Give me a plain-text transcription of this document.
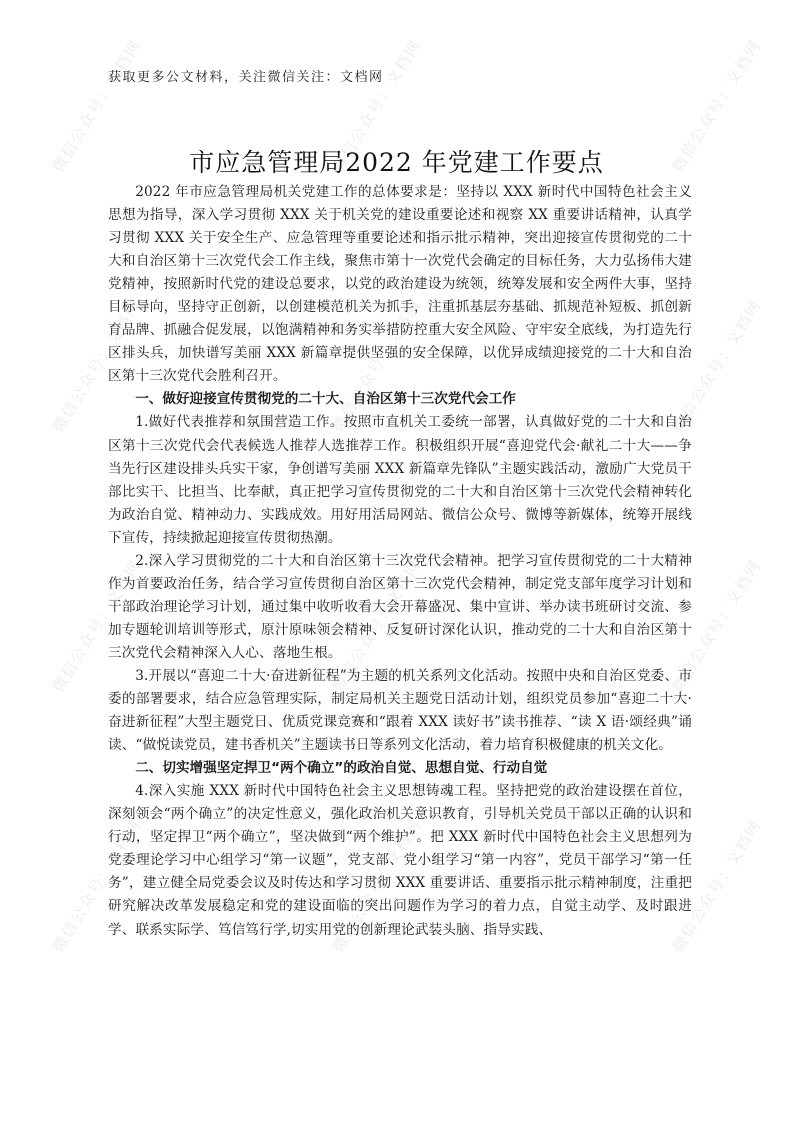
微信公众号：文档网	微信公众号：文档网	微信公众号：文档网
微信公众号：文档网	微信公众号：文档网	微信公众号：文档网
微信公众号：文档网	微信公众号：文档网	微信公众号：文档网
微信公众号：文档网	微信公众号：文档网	微信公众号：文档网
获取更多公文材料，关注微信关注：文档网
市应急管理局2022 年党建工作要点

2022 年市应急管理局机关党建工作的总体要求是：坚持以 XXX 新时代中国特色社会主义思想为指导，深入学习贯彻 XXX 关于机关党的建设重要论述和视察 XX 重要讲话精神，认真学习贯彻 XXX 关于安全生产、应急管理等重要论述和指示批示精神，突出迎接宣传贯彻党的二十大和自治区第十三次党代会工作主线，聚焦市第十一次党代会确定的目标任务，大力弘扬伟大建党精神，按照新时代党的建设总要求，以党的政治建设为统领，统筹发展和安全两件大事，坚持目标导向，坚持守正创新，以创建模范机关为抓手，注重抓基层夯基础、抓规范补短板、抓创新育品牌、抓融合促发展，以饱满精神和务实举措防控重大安全风险、守牢安全底线，为打造先行区排头兵，加快谱写美丽 XXX 新篇章提供坚强的安全保障，以优异成绩迎接党的二十大和自治区第十三次党代会胜利召开。

一、做好迎接宣传贯彻党的二十大、自治区第十三次党代会工作

1.做好代表推荐和氛围营造工作。按照市直机关工委统一部署，认真做好党的二十大和自治区第十三次党代会代表候选人推荐人选推荐工作。积极组织开展“喜迎党代会·献礼二十大——争当先行区建设排头兵实干家，争创谱写美丽 XXX 新篇章先锋队”主题实践活动，激励广大党员干部比实干、比担当、比奉献，真正把学习宣传贯彻党的二十大和自治区第十三次党代会精神转化为政治自觉、精神动力、实践成效。用好用活局网站、微信公众号、微博等新媒体，统筹开展线下宣传，持续掀起迎接宣传贯彻热潮。

2.深入学习贯彻党的二十大和自治区第十三次党代会精神。把学习宣传贯彻党的二十大精神作为首要政治任务，结合学习宣传贯彻自治区第十三次党代会精神，制定党支部年度学习计划和干部政治理论学习计划，通过集中收听收看大会开幕盛况、集中宣讲、举办读书班研讨交流、参加专题轮训培训等形式，原汁原味领会精神、反复研讨深化认识，推动党的二十大和自治区第十三次党代会精神深入人心、落地生根。

3.开展以“喜迎二十大·奋进新征程”为主题的机关系列文化活动。按照中央和自治区党委、市委的部署要求，结合应急管理实际，制定局机关主题党日活动计划，组织党员参加“喜迎二十大·奋进新征程”大型主题党日、优质党课竞赛和“跟着 XXX 读好书”读书推荐、“读 X 语·颂经典”诵读、“做悦读党员，建书香机关”主题读书日等系列文化活动，着力培育积极健康的机关文化。

二、切实增强坚定捍卫“两个确立”的政治自觉、思想自觉、行动自觉

4.深入实施 XXX 新时代中国特色社会主义思想铸魂工程。坚持把党的政治建设摆在首位，深刻领会“两个确立”的决定性意义，强化政治机关意识教育，引导机关党员干部以正确的认识和行动，坚定捍卫“两个确立”，坚决做到“两个维护”。把 XXX 新时代中国特色社会主义思想列为党委理论学习中心组学习“第一议题”，党支部、党小组学习“第一内容”，党员干部学习“第一任务”，建立健全局党委会议及时传达和学习贯彻 XXX 重要讲话、重要指示批示精神制度，注重把研究解决改革发展稳定和党的建设面临的突出问题作为学习的着力点，自觉主动学、及时跟进学、联系实际学、笃信笃行学,切实用党的创新理论武装头脑、指导实践、
